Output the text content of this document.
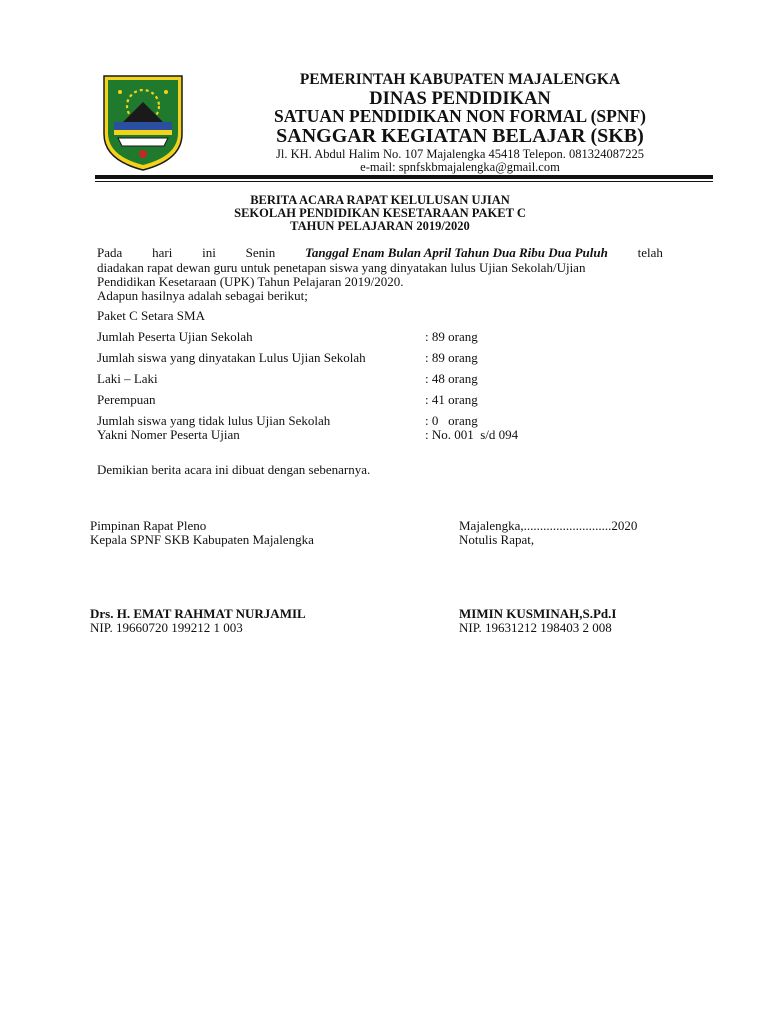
PEMERINTAH KABUPATEN MAJALENGKA
DINAS PENDIDIKAN
SATUAN PENDIDIKAN NON FORMAL (SPNF)
SANGGAR KEGIATAN BELAJAR (SKB)
Jl. KH. Abdul Halim No. 107 Majalengka 45418 Telepon. 081324087225
e-mail: spnfskbmajalengka@gmail.com
BERITA ACARA RAPAT KELULUSAN UJIAN
SEKOLAH PENDIDIKAN KESETARAAN PAKET C
TAHUN PELAJARAN 2019/2020
Pada hari ini Senin Tanggal Enam Bulan April Tahun Dua Ribu Dua Puluh telah
diadakan rapat dewan guru untuk penetapan siswa yang dinyatakan lulus Ujian Sekolah/Ujian
Pendidikan Kesetaraan (UPK) Tahun Pelajaran 2019/2020.
Adapun hasilnya adalah sebagai berikut;
Paket C Setara SMA
Jumlah Peserta Ujian Sekolah	: 89 orang
Jumlah siswa yang dinyatakan Lulus Ujian Sekolah	: 89 orang
Laki – Laki	: 48 orang
Perempuan	: 41 orang
Jumlah siswa yang tidak lulus Ujian Sekolah	: 0   orang
Yakni Nomer Peserta Ujian	: No. 001  s/d 094
Demikian berita acara ini dibuat dengan sebenarnya.
Pimpinan Rapat Pleno
Kepala SPNF SKB Kabupaten Majalengka
Drs. H. EMAT RAHMAT NURJAMIL
NIP. 19660720 199212 1 003
Majalengka,...........................2020
Notulis Rapat,
MIMIN KUSMINAH,S.Pd.I
NIP. 19631212 198403 2 008
